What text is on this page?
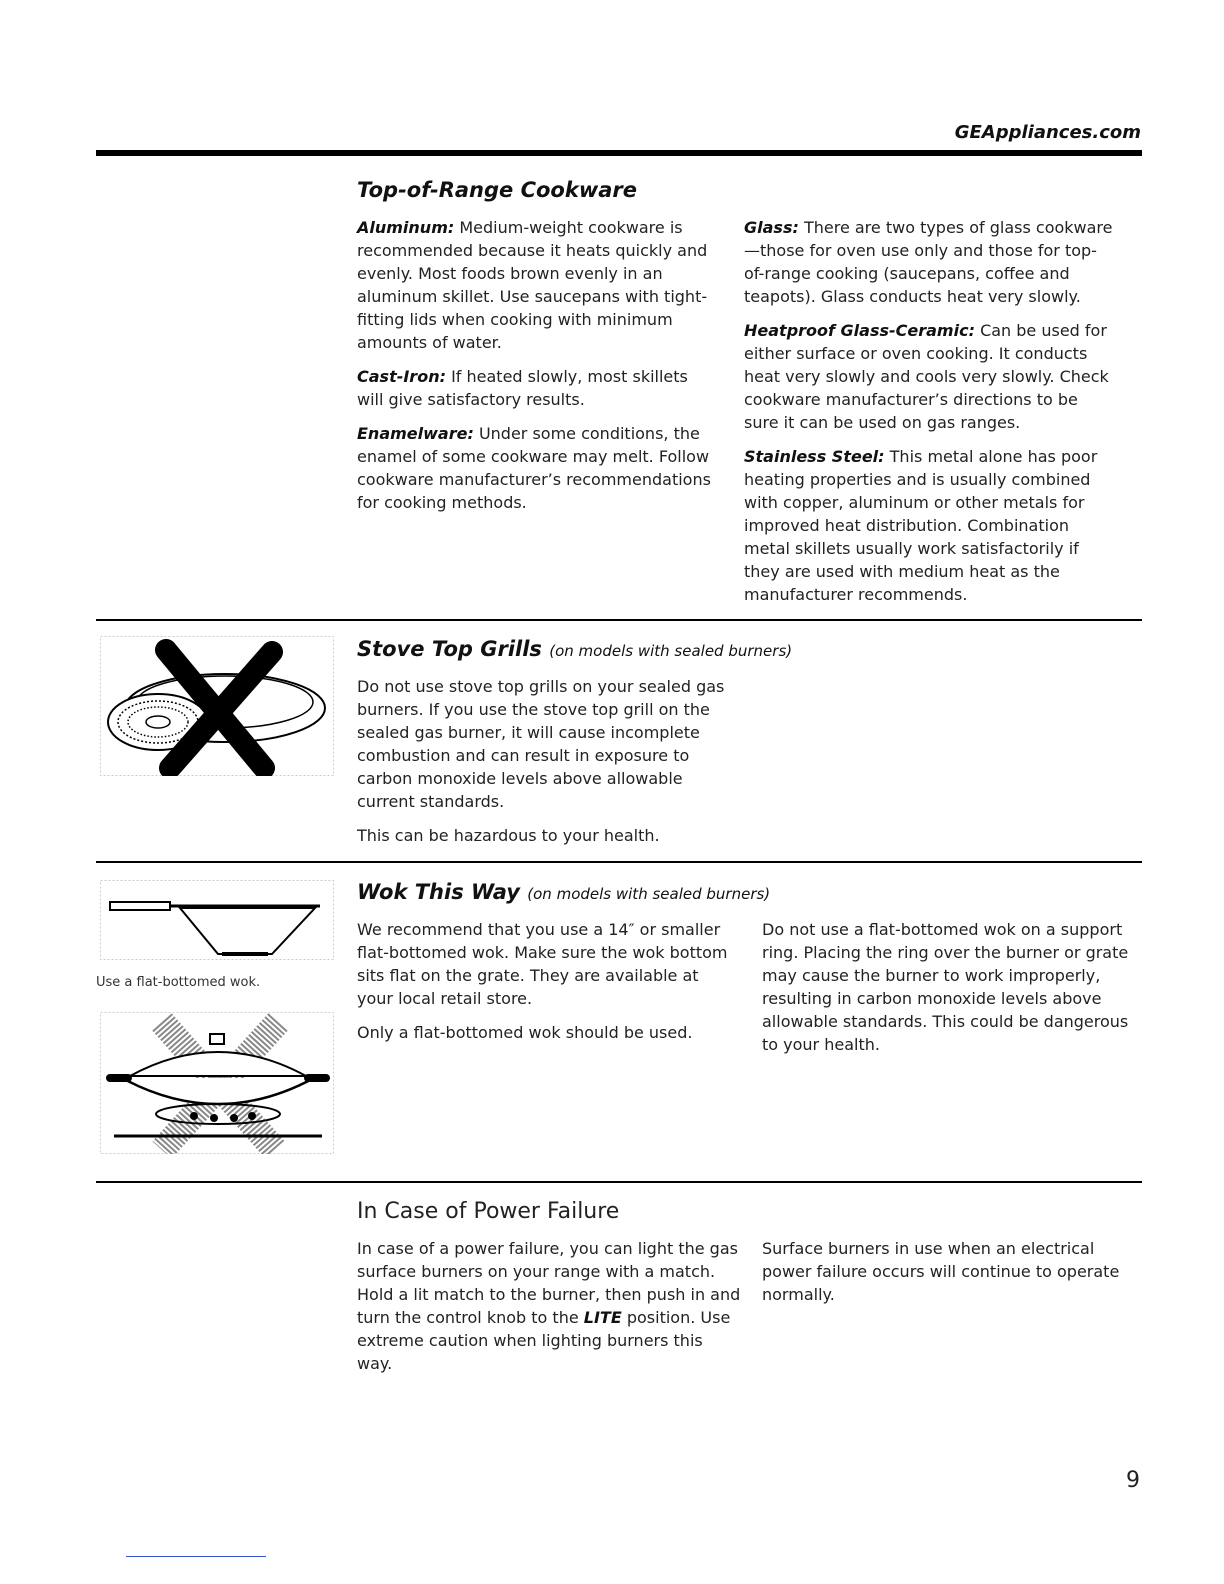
GEAppliances.com
Top-of-Range Cookware

Aluminum: Medium-weight cookware is recommended because it heats quickly and evenly. Most foods brown evenly in an aluminum skillet. Use saucepans with tight-fitting lids when cooking with minimum amounts of water.

Cast-Iron: If heated slowly, most skillets will give satisfactory results.

Enamelware: Under some conditions, the enamel of some cookware may melt. Follow cookware manufacturer’s recommendations for cooking methods.

Glass: There are two types of glass cookware—those for oven use only and those for top-of-range cooking (saucepans, coffee and teapots). Glass conducts heat very slowly.

Heatproof Glass-Ceramic: Can be used for either surface or oven cooking. It conducts heat very slowly and cools very slowly. Check cookware manufacturer’s directions to be sure it can be used on gas ranges.

Stainless Steel: This metal alone has poor heating properties and is usually combined with copper, aluminum or other metals for improved heat distribution. Combination metal skillets usually work satisfactorily if they are used with medium heat as the manufacturer recommends.

Stove Top Grills (on models with sealed burners)

Do not use stove top grills on your sealed gas burners. If you use the stove top grill on the sealed gas burner, it will cause incomplete combustion and can result in exposure to carbon monoxide levels above allowable current standards.

This can be hazardous to your health.

Use a flat-bottomed wok.
Wok This Way (on models with sealed burners)

We recommend that you use a 14″ or smaller flat-bottomed wok. Make sure the wok bottom sits flat on the grate. They are available at your local retail store.

Only a flat-bottomed wok should be used.

Do not use a flat-bottomed wok on a support ring. Placing the ring over the burner or grate may cause the burner to work improperly, resulting in carbon monoxide levels above allowable standards. This could be dangerous to your health.

In Case of Power Failure

In case of a power failure, you can light the gas surface burners on your range with a match. Hold a lit match to the burner, then push in and turn the control knob to the LITE position. Use extreme caution when lighting burners this way.

Surface burners in use when an electrical power failure occurs will continue to operate normally.

9
